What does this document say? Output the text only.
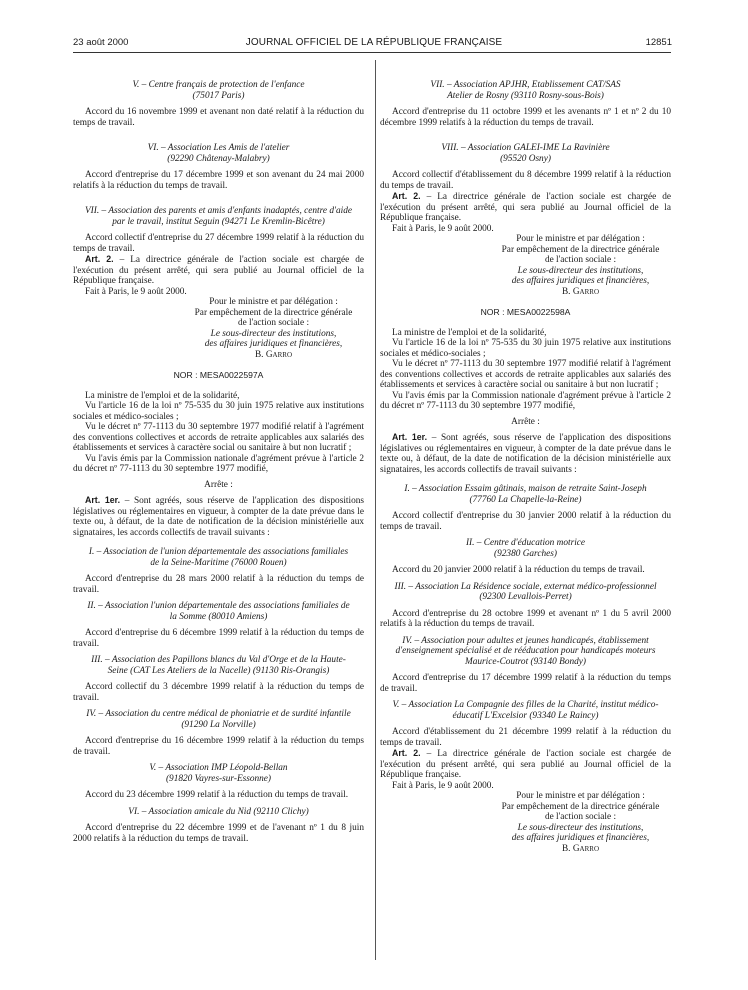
23 août 2000	JOURNAL OFFICIEL DE LA RÉPUBLIQUE FRANÇAISE	12851
V. – Centre français de protection de l'enfance
(75017 Paris)

Accord du 16 novembre 1999 et avenant non daté relatif à la réduction du temps de travail.

VI. – Association Les Amis de l'atelier
(92290 Châtenay-Malabry)

Accord d'entreprise du 17 décembre 1999 et son avenant du 24 mai 2000 relatifs à la réduction du temps de travail.

VII. – Association des parents et amis d'enfants inadaptés, centre d'aide par le travail, institut Seguin (94271 Le Kremlin-Bicêtre)

Accord collectif d'entreprise du 27 décembre 1999 relatif à la réduction du temps de travail.

Art. 2. – La directrice générale de l'action sociale est chargée de l'exécution du présent arrêté, qui sera publié au Journal officiel de la République française.

Fait à Paris, le 9 août 2000.

Pour le ministre et par délégation :
Par empêchement de la directrice générale
de l'action sociale :
Le sous-directeur des institutions,
des affaires juridiques et financières,
B. Garro
NOR : MESA0022597A

La ministre de l'emploi et de la solidarité,

Vu l'article 16 de la loi nº 75-535 du 30 juin 1975 relative aux institutions sociales et médico-sociales ;

Vu le décret nº 77-1113 du 30 septembre 1977 modifié relatif à l'agrément des conventions collectives et accords de retraite applicables aux salariés des établissements et services à caractère social ou sanitaire à but non lucratif ;

Vu l'avis émis par la Commission nationale d'agrément prévue à l'article 2 du décret nº 77-1113 du 30 septembre 1977 modifié,

Arrête :

Art. 1er. – Sont agréés, sous réserve de l'application des dispositions législatives ou réglementaires en vigueur, à compter de la date prévue dans le texte ou, à défaut, de la date de notification de la décision ministérielle aux signataires, les accords collectifs de travail suivants :

I. – Association de l'union départementale des associations familiales de la Seine-Maritime (76000 Rouen)

Accord d'entreprise du 28 mars 2000 relatif à la réduction du temps de travail.

II. – Association l'union départementale des associations familiales de la Somme (80010 Amiens)

Accord d'entreprise du 6 décembre 1999 relatif à la réduction du temps de travail.

III. – Association des Papillons blancs du Val d'Orge et de la Haute-Seine (CAT Les Ateliers de la Nacelle) (91130 Ris-Orangis)

Accord collectif du 3 décembre 1999 relatif à la réduction du temps de travail.

IV. – Association du centre médical de phoniatrie et de surdité infantile (91290 La Norville)

Accord d'entreprise du 16 décembre 1999 relatif à la réduction du temps de travail.

V. – Association IMP Léopold-Bellan
(91820 Vayres-sur-Essonne)

Accord du 23 décembre 1999 relatif à la réduction du temps de travail.

VI. – Association amicale du Nid (92110 Clichy)

Accord d'entreprise du 22 décembre 1999 et de l'avenant nº 1 du 8 juin 2000 relatifs à la réduction du temps de travail.

VII. – Association APJHR, Etablissement CAT/SAS
Atelier de Rosny (93110 Rosny-sous-Bois)

Accord d'entreprise du 11 octobre 1999 et les avenants nº 1 et nº 2 du 10 décembre 1999 relatifs à la réduction du temps de travail.

VIII. – Association GALEI-IME La Ravinière
(95520 Osny)

Accord collectif d'établissement du 8 décembre 1999 relatif à la réduction du temps de travail.

Art. 2. – La directrice générale de l'action sociale est chargée de l'exécution du présent arrêté, qui sera publié au Journal officiel de la République française.

Fait à Paris, le 9 août 2000.

Pour le ministre et par délégation :
Par empêchement de la directrice générale
de l'action sociale :
Le sous-directeur des institutions,
des affaires juridiques et financières,
B. Garro
NOR : MESA0022598A

La ministre de l'emploi et de la solidarité,

Vu l'article 16 de la loi nº 75-535 du 30 juin 1975 relative aux institutions sociales et médico-sociales ;

Vu le décret nº 77-1113 du 30 septembre 1977 modifié relatif à l'agrément des conventions collectives et accords de retraite applicables aux salariés des établissements et services à caractère social ou sanitaire à but non lucratif ;

Vu l'avis émis par la Commission nationale d'agrément prévue à l'article 2 du décret nº 77-1113 du 30 septembre 1977 modifié,

Arrête :

Art. 1er. – Sont agréés, sous réserve de l'application des dispositions législatives ou réglementaires en vigueur, à compter de la date prévue dans le texte ou, à défaut, de la date de notification de la décision ministérielle aux signataires, les accords collectifs de travail suivants :

I. – Association Essaim gâtinais, maison de retraite Saint-Joseph (77760 La Chapelle-la-Reine)

Accord collectif d'entreprise du 30 janvier 2000 relatif à la réduction du temps de travail.

II. – Centre d'éducation motrice
(92380 Garches)

Accord du 20 janvier 2000 relatif à la réduction du temps de travail.

III. – Association La Résidence sociale, externat médico-professionnel (92300 Levallois-Perret)

Accord d'entreprise du 28 octobre 1999 et avenant nº 1 du 5 avril 2000 relatifs à la réduction du temps de travail.

IV. – Association pour adultes et jeunes handicapés, établissement d'enseignement spécialisé et de rééducation pour handicapés moteurs Maurice-Coutrot (93140 Bondy)

Accord d'entreprise du 17 décembre 1999 relatif à la réduction du temps de travail.

V. – Association La Compagnie des filles de la Charité, institut médico-éducatif L'Excelsior (93340 Le Raincy)

Accord d'établissement du 21 décembre 1999 relatif à la réduction du temps de travail.

Art. 2. – La directrice générale de l'action sociale est chargée de l'exécution du présent arrêté, qui sera publié au Journal officiel de la République française.

Fait à Paris, le 9 août 2000.

Pour le ministre et par délégation :
Par empêchement de la directrice générale
de l'action sociale :
Le sous-directeur des institutions,
des affaires juridiques et financières,
B. Garro
